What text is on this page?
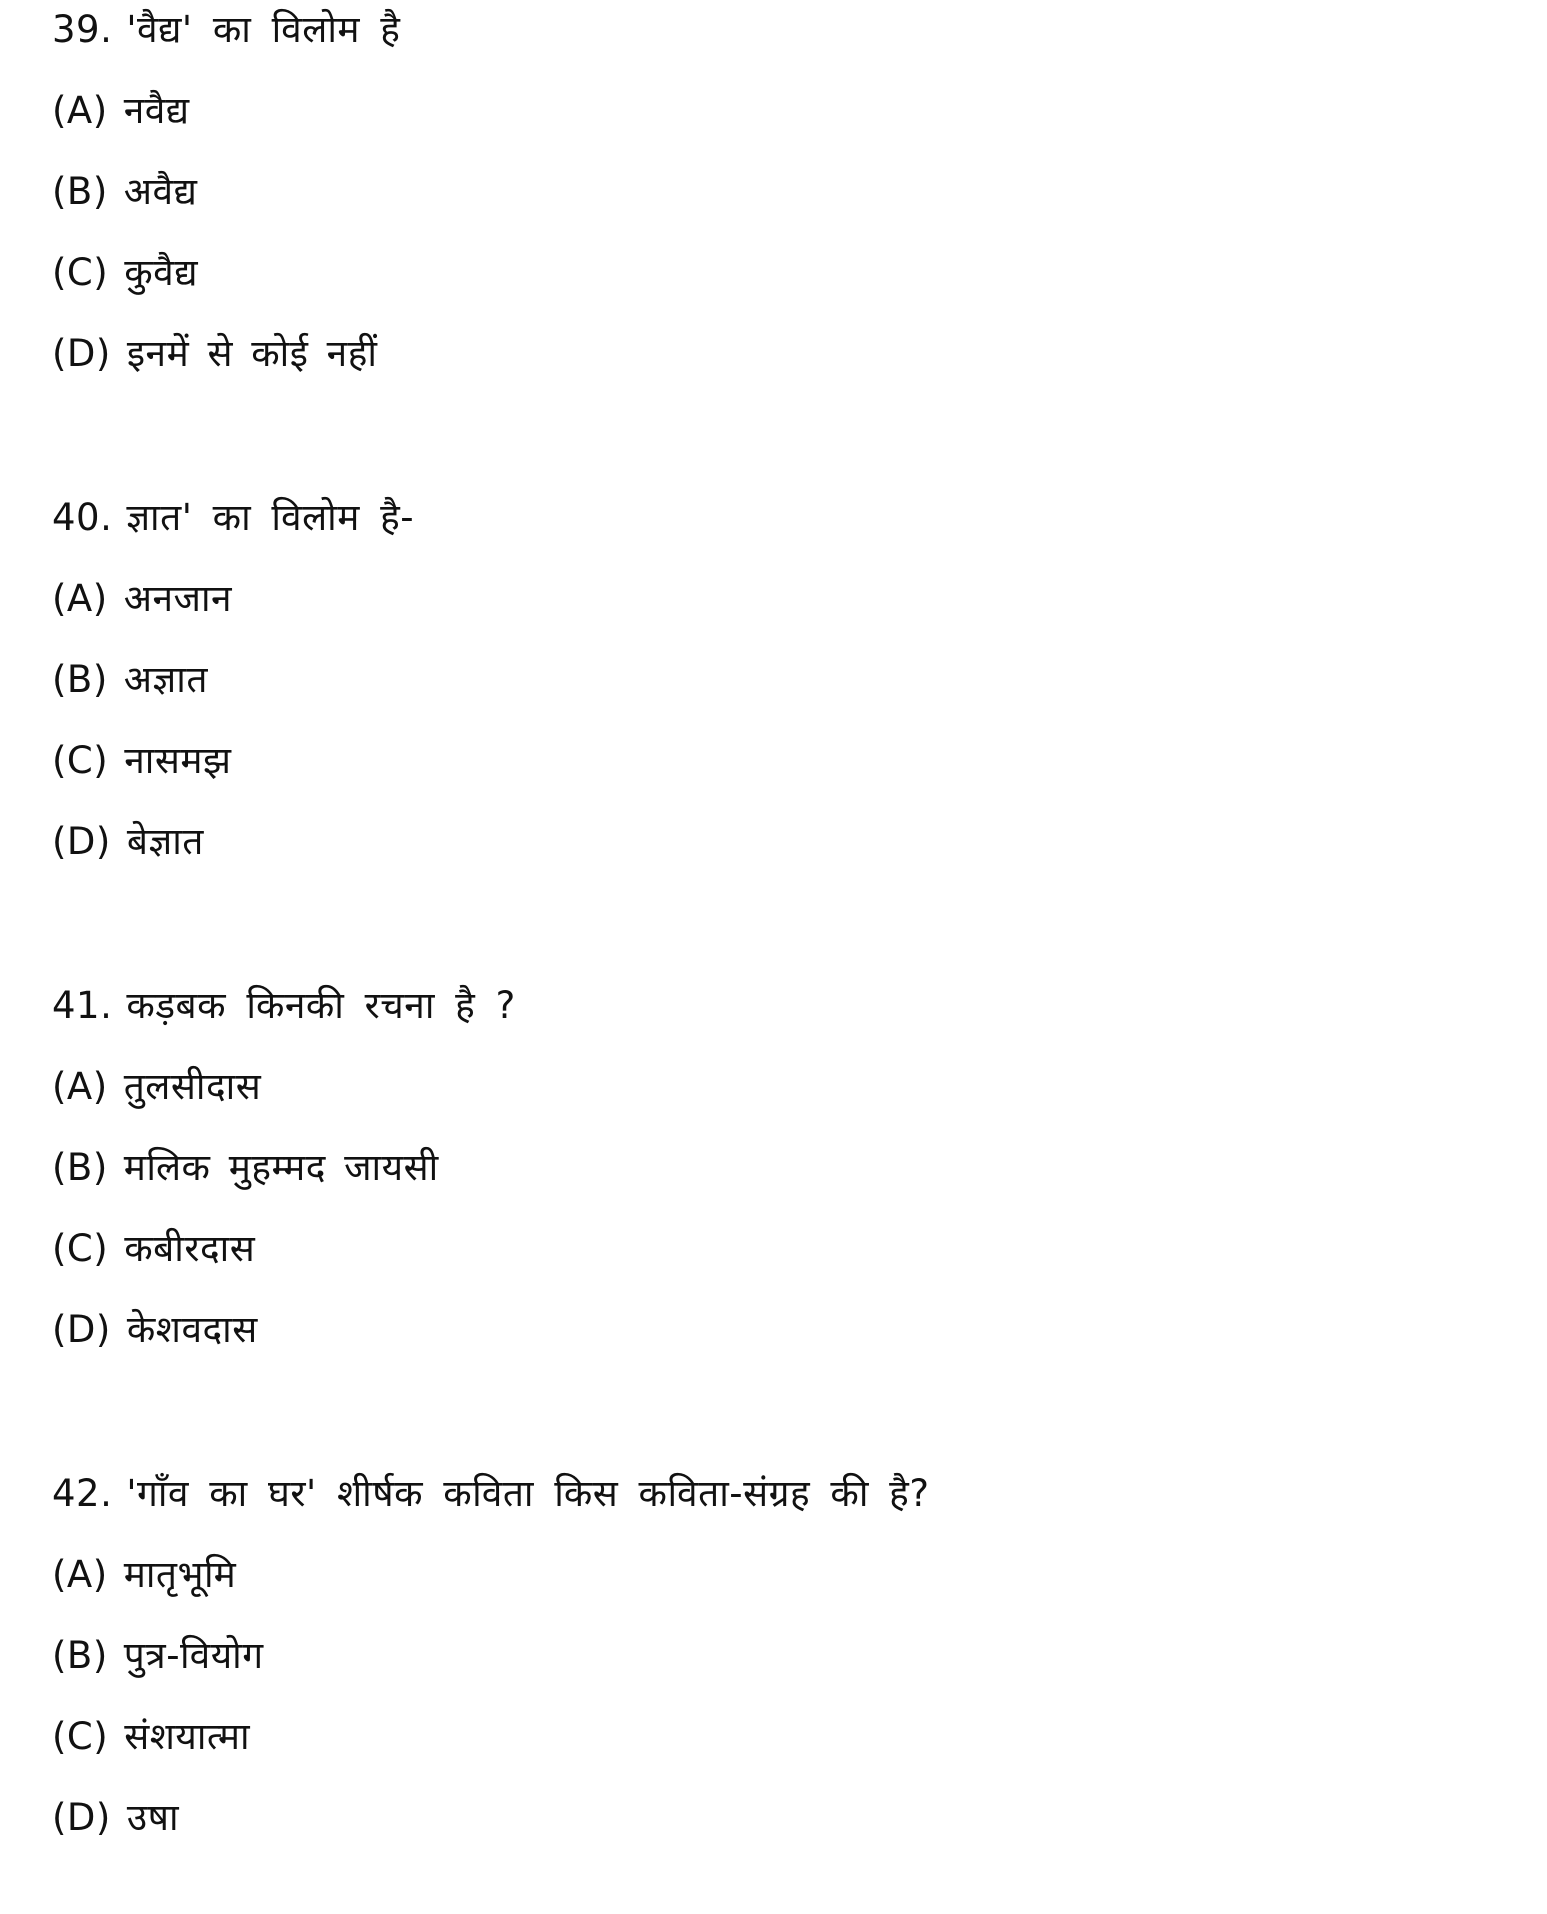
39. 'वैद्य' का विलोम है
(A) नवैद्य
(B) अवैद्य
(C) कुवैद्य
(D) इनमें से कोई नहीं
40. ज्ञात' का विलोम है-
(A) अनजान
(B) अज्ञात
(C) नासमझ
(D) बेज्ञात
41. कड़बक किनकी रचना है ?
(A) तुलसीदास
(B) मलिक मुहम्मद जायसी
(C) कबीरदास
(D) केशवदास
42. 'गाँव का घर' शीर्षक कविता किस कविता-संग्रह की है?
(A) मातृभूमि
(B) पुत्र-वियोग
(C) संशयात्मा
(D) उषा
